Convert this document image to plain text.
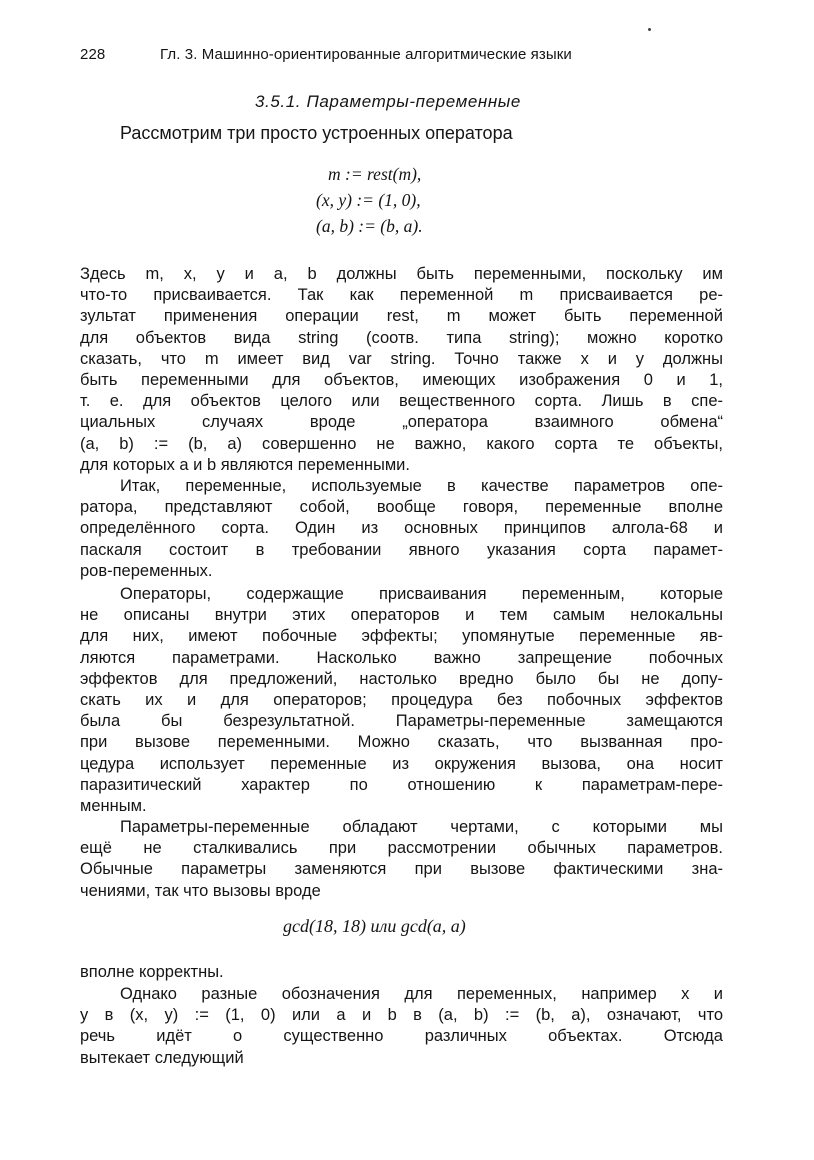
228	Гл. 3. Машинно-ориентированные алгоритмические языки
3.5.1. Параметры-переменные
Рассмотрим три просто устроенных оператора
m := rest(m),
(x, y) := (1, 0),
(a, b) := (b, a).
Здесь m, x, y и a, b должны быть переменными, поскольку им
что-то присваивается. Так как переменной m присваивается ре-
зультат применения операции rest, m может быть переменной
для объектов вида string (соотв. типа string); можно коротко
сказать, что m имеет вид var string. Точно также x и y должны
быть переменными для объектов, имеющих изображения 0 и 1,
т. е. для объектов целого или вещественного сорта. Лишь в спе-
циальных случаях вроде „оператора взаимного обмена“
(a, b) := (b, a) совершенно не важно, какого сорта те объекты,
для которых a и b являются переменными.
Итак, переменные, используемые в качестве параметров опе-
ратора, представляют собой, вообще говоря, переменные вполне
определённого сорта. Один из основных принципов алгола-68 и
паскаля состоит в требовании явного указания сорта парамет-
ров-переменных.
Операторы, содержащие присваивания переменным, которые
не описаны внутри этих операторов и тем самым нелокальны
для них, имеют побочные эффекты; упомянутые переменные яв-
ляются параметрами. Насколько важно запрещение побочных
эффектов для предложений, настолько вредно было бы не допу-
скать их и для операторов; процедура без побочных эффектов
была бы безрезультатной. Параметры-переменные замещаются
при вызове переменными. Можно сказать, что вызванная про-
цедура использует переменные из окружения вызова, она носит
паразитический характер по отношению к параметрам-пере-
менным.
Параметры-переменные обладают чертами, с которыми мы
ещё не сталкивались при рассмотрении обычных параметров.
Обычные параметры заменяются при вызове фактическими зна-
чениями, так что вызовы вроде
gcd(18, 18) или gcd(a, a)
вполне корректны.
Однако разные обозначения для переменных, например x и
y в (x, y) := (1, 0) или a и b в (a, b) := (b, a), означают, что
речь идёт о существенно различных объектах. Отсюда
вытекает следующий
